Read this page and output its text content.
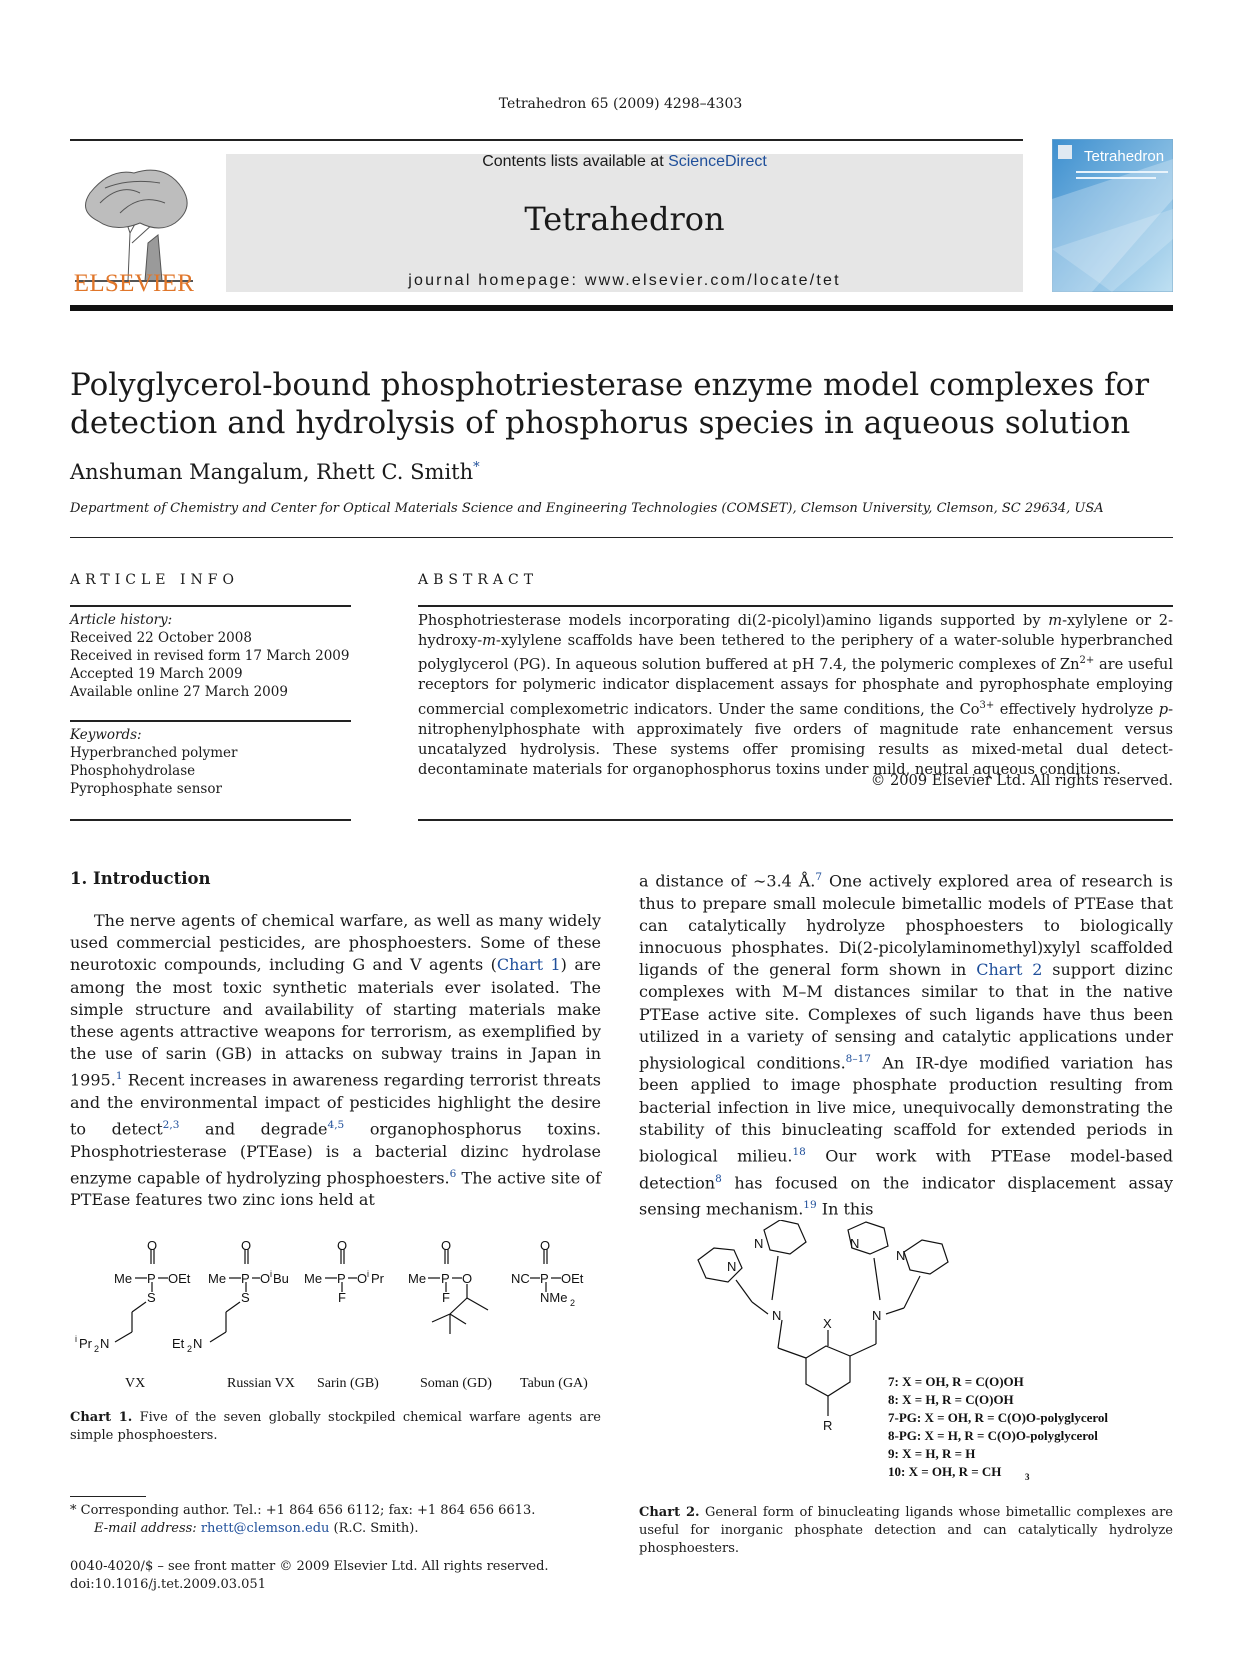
Tetrahedron 65 (2009) 4298–4303
ELSEVIER
Contents lists available at ScienceDirect
Tetrahedron
journal homepage: www.elsevier.com/locate/tet
Tetrahedron
Polyglycerol-bound phosphotriesterase enzyme model complexes for detection and hydrolysis of phosphorus species in aqueous solution
Anshuman Mangalum, Rhett C. Smith*
Department of Chemistry and Center for Optical Materials Science and Engineering Technologies (COMSET), Clemson University, Clemson, SC 29634, USA
ARTICLE INFO	ABSTRACT
Article history:
Received 22 October 2008
Received in revised form 17 March 2009
Accepted 19 March 2009
Available online 27 March 2009
Keywords:
Hyperbranched polymer
Phosphohydrolase
Pyrophosphate sensor
Phosphotriesterase models incorporating di(2-picolyl)amino ligands supported by m-xylylene or 2-hydroxy-m-xylylene scaffolds have been tethered to the periphery of a water-soluble hyperbranched polyglycerol (PG). In aqueous solution buffered at pH 7.4, the polymeric complexes of $Zn^{2+}$ are useful receptors for polymeric indicator displacement assays for phosphate and pyrophosphate employing commercial complexometric indicators. Under the same conditions, the $Co^{3+}$ effectively hydrolyze p-nitrophenylphosphate with approximately five orders of magnitude rate enhancement versus uncatalyzed hydrolysis. These systems offer promising results as mixed-metal dual detect-decontaminate materials for organophosphorus toxins under mild, neutral aqueous conditions.
© 2009 Elsevier Ltd. All rights reserved.
1. Introduction
The nerve agents of chemical warfare, as well as many widely used commercial pesticides, are phosphoesters. Some of these neurotoxic compounds, including G and V agents (Chart 1) are among the most toxic synthetic materials ever isolated. The simple structure and availability of starting materials make these agents attractive weapons for terrorism, as exemplified by the use of sarin (GB) in attacks on subway trains in Japan in 1995.$^1$ Recent increases in awareness regarding terrorist threats and the environmental impact of pesticides highlight the desire to detect$^{2,3}$ and degrade$^{4,5}$ organophosphorus toxins. Phosphotriesterase (PTEase) is a bacterial dizinc hydrolase enzyme capable of hydrolyzing phosphoesters.$^6$ The active site of PTEase features two zinc ions held at
a distance of ∼3.4 Å.$^7$ One actively explored area of research is thus to prepare small molecule bimetallic models of PTEase that can catalytically hydrolyze phosphoesters to biologically innocuous phosphates. Di(2-picolylaminomethyl)xylyl scaffolded ligands of the general form shown in Chart 2 support dizinc complexes with M–M distances similar to that in the native PTEase active site. Complexes of such ligands have thus been utilized in a variety of sensing and catalytic applications under physiological conditions.$^{8-17}$ An IR-dye modified variation has been applied to image phosphate production resulting from bacterial infection in live mice, unequivocally demonstrating the stability of this binucleating scaffold for extended periods in biological milieu.$^{18}$ Our work with PTEase model-based detection$^8$ has focused on the indicator displacement assay sensing mechanism.$^{19}$ In this
O
P
Me	OEt
S
i Pr 2 N
O
P
Me	O i Bu
S
Et 2 N
O
P
Me	O i Pr
F
O
P
Me	O
F
O
P
NC OEt
NMe 2
VX	Russian VX Sarin (GB)	Soman (GD) Tabun (GA)
Chart 1. Five of the seven globally stockpiled chemical warfare agents are simple phosphoesters.
N
N	N
N
N	N
X
R
7: X = OH, R = C(O)OH
8: X = H, R = C(O)OH
7-PG: X = OH, R = C(O)O-polyglycerol
8-PG: X = H, R = C(O)O-polyglycerol
9: X = H, R = H
10: X = OH, R = CH	3
Chart 2. General form of binucleating ligands whose bimetallic complexes are useful for inorganic phosphate detection and can catalytically hydrolyze phosphoesters.
* Corresponding author. Tel.: +1 864 656 6112; fax: +1 864 656 6613.
E-mail address: rhett@clemson.edu (R.C. Smith).
0040-4020/$ – see front matter © 2009 Elsevier Ltd. All rights reserved.
doi:10.1016/j.tet.2009.03.051
